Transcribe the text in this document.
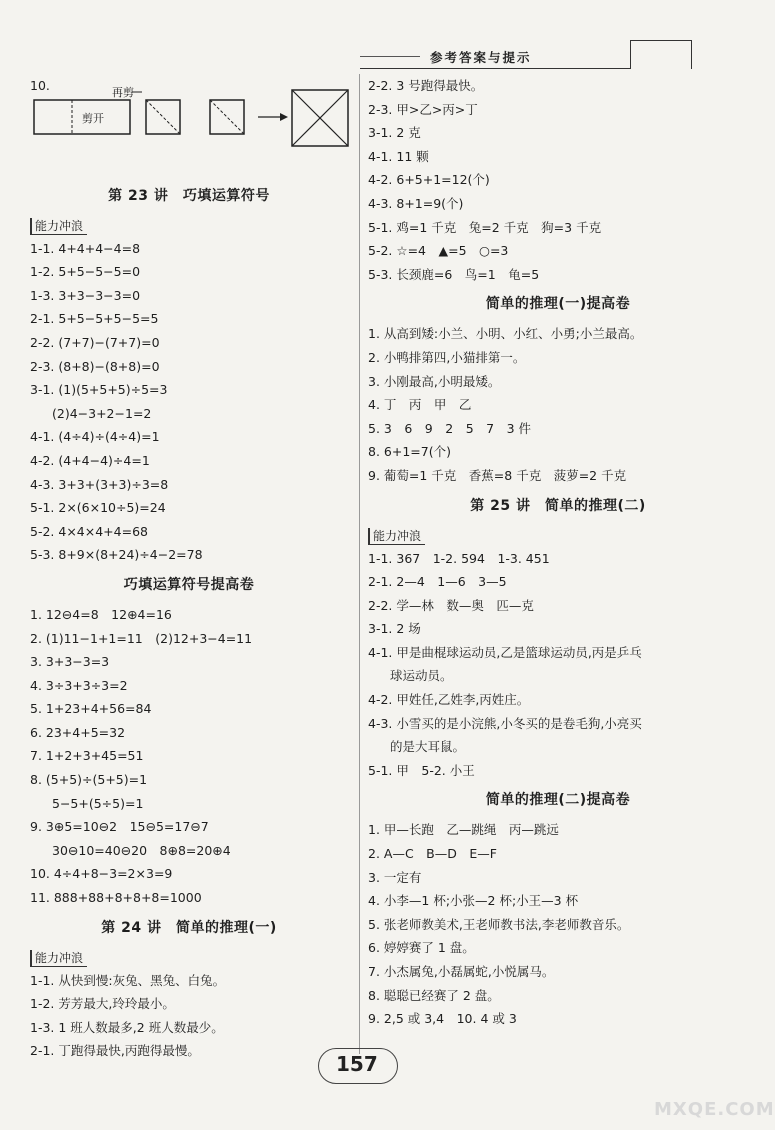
参考答案与提示
10.
剪开
再剪
第 23 讲　巧填运算符号
能力冲浪
1-1. 4+4+4−4=8
1-2. 5+5−5−5=0
1-3. 3+3−3−3=0
2-1. 5+5−5+5−5=5
2-2. (7+7)−(7+7)=0
2-3. (8+8)−(8+8)=0
3-1. (1)(5+5+5)÷5=3
(2)4−3+2−1=2
4-1. (4÷4)÷(4÷4)=1
4-2. (4+4−4)÷4=1
4-3. 3+3+(3+3)÷3=8
5-1. 2×(6×10÷5)=24
5-2. 4×4×4+4=68
5-3. 8+9×(8+24)÷4−2=78
巧填运算符号提高卷
1. 12⊖4=8　12⊕4=16
2. (1)11−1+1=11　(2)12+3−4=11
3. 3+3−3=3
4. 3÷3+3÷3=2
5. 1+23+4+56=84
6. 23+4+5=32
7. 1+2+3+45=51
8. (5+5)÷(5+5)=1
5−5+(5÷5)=1
9. 3⊕5=10⊖2　15⊖5=17⊖7
30⊖10=40⊖20　8⊕8=20⊕4
10. 4÷4+8−3=2×3=9
11. 888+88+8+8+8=1000
第 24 讲　简单的推理(一)
能力冲浪
1-1. 从快到慢:灰兔、黑兔、白兔。
1-2. 芳芳最大,玲玲最小。
1-3. 1 班人数最多,2 班人数最少。
2-1. 丁跑得最快,丙跑得最慢。
2-2. 3 号跑得最快。
2-3. 甲>乙>丙>丁
3-1. 2 克
4-1. 11 颗
4-2. 6+5+1=12(个)
4-3. 8+1=9(个)
5-1. 鸡=1 千克　兔=2 千克　狗=3 千克
5-2. ☆=4　▲=5　○=3
5-3. 长颈鹿=6　鸟=1　龟=5
简单的推理(一)提高卷
1. 从高到矮:小兰、小明、小红、小勇;小兰最高。
2. 小鸭排第四,小猫排第一。
3. 小刚最高,小明最矮。
4. 丁　丙　甲　乙
5. 3　6　9　2　5　7　3 件
8. 6+1=7(个)
9. 葡萄=1 千克　香蕉=8 千克　菠萝=2 千克
第 25 讲　简单的推理(二)
能力冲浪
1-1. 367　1-2. 594　1-3. 451
2-1. 2—4　1—6　3—5
2-2. 学—林　数—奥　匹—克
3-1. 2 场
4-1. 甲是曲棍球运动员,乙是篮球运动员,丙是乒乓
球运动员。
4-2. 甲姓任,乙姓李,丙姓庄。
4-3. 小雪买的是小浣熊,小冬买的是卷毛狗,小亮买
的是大耳鼠。
5-1. 甲　5-2. 小王
简单的推理(二)提高卷
1. 甲—长跑　乙—跳绳　丙—跳远
2. A—C　B—D　E—F
3. 一定有
4. 小李—1 杯;小张—2 杯;小王—3 杯
5. 张老师教美术,王老师教书法,李老师教音乐。
6. 婷婷赛了 1 盘。
7. 小杰属兔,小磊属蛇,小悦属马。
8. 聪聪已经赛了 2 盘。
9. 2,5 或 3,4　10. 4 或 3
157
MXQE.COM
